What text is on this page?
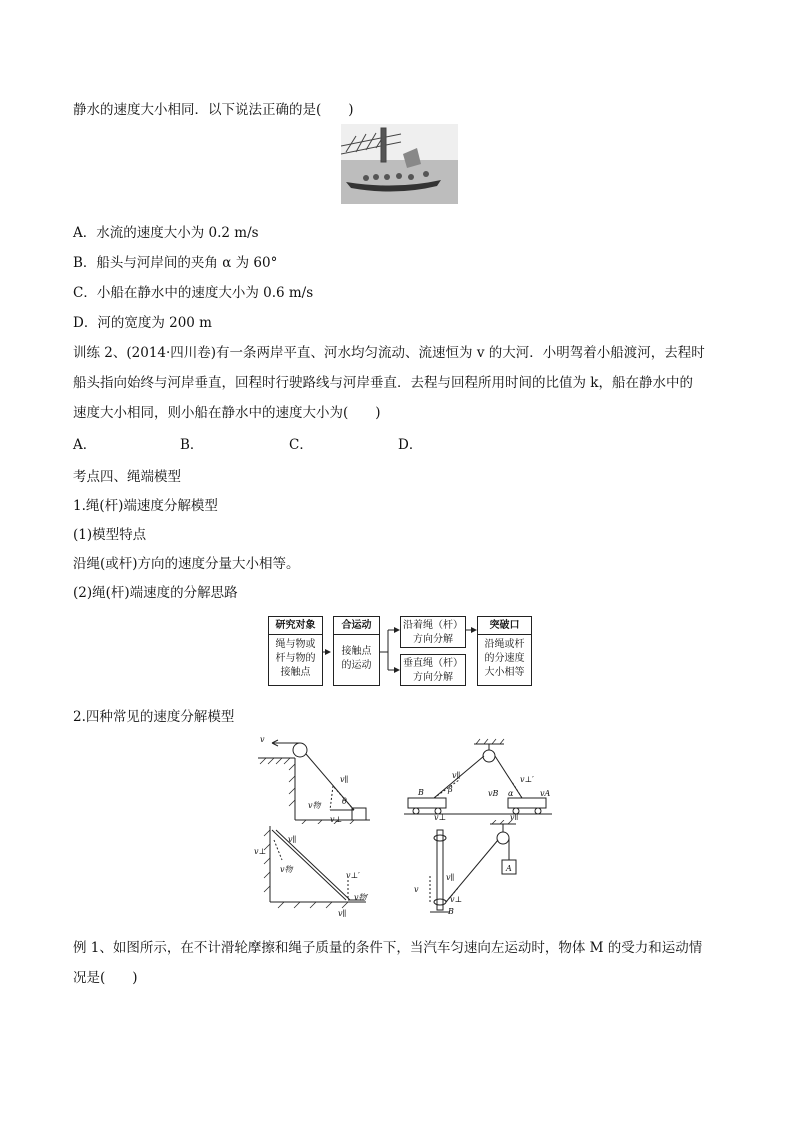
静水的速度大小相同．以下说法正确的是(　　)
A．水流的速度大小为 0.2 m/s
B．船头与河岸间的夹角 α 为 60°
C．小船在静水中的速度大小为 0.6 m/s
D．河的宽度为 200 m
训练 2、(2014·四川卷)有一条两岸平直、河水均匀流动、流速恒为 v 的大河．小明驾着小船渡河，去程时
船头指向始终与河岸垂直，回程时行驶路线与河岸垂直．去程与回程所用时间的比值为 k，船在静水中的
速度大小相同，则小船在静水中的速度大小为(　　)
A．	B．	C．	D．
考点四、绳端模型
1.绳(杆)端速度分解模型
(1)模型特点
沿绳(或杆)方向的速度分量大小相等。
(2)绳(杆)端速度的分解思路
研究对象
绳与物或
杆与物的
接触点
合运动
接触点
的运动
沿着绳（杆）
方向分解
垂直绳（杆）
方向分解
突破口
沿绳或杆
的分速度
大小相等
2.四种常见的速度分解模型
v
v∥
v物	θ
v⊥
B
v∥
β	vB α
v⊥′
vA
v⊥	v∥
v⊥
v∥
v物
v⊥′
v∥
v物′
v
v∥
v⊥
B
A
例 1、如图所示，在不计滑轮摩擦和绳子质量的条件下，当汽车匀速向左运动时，物体 M 的受力和运动情
况是(　　)
